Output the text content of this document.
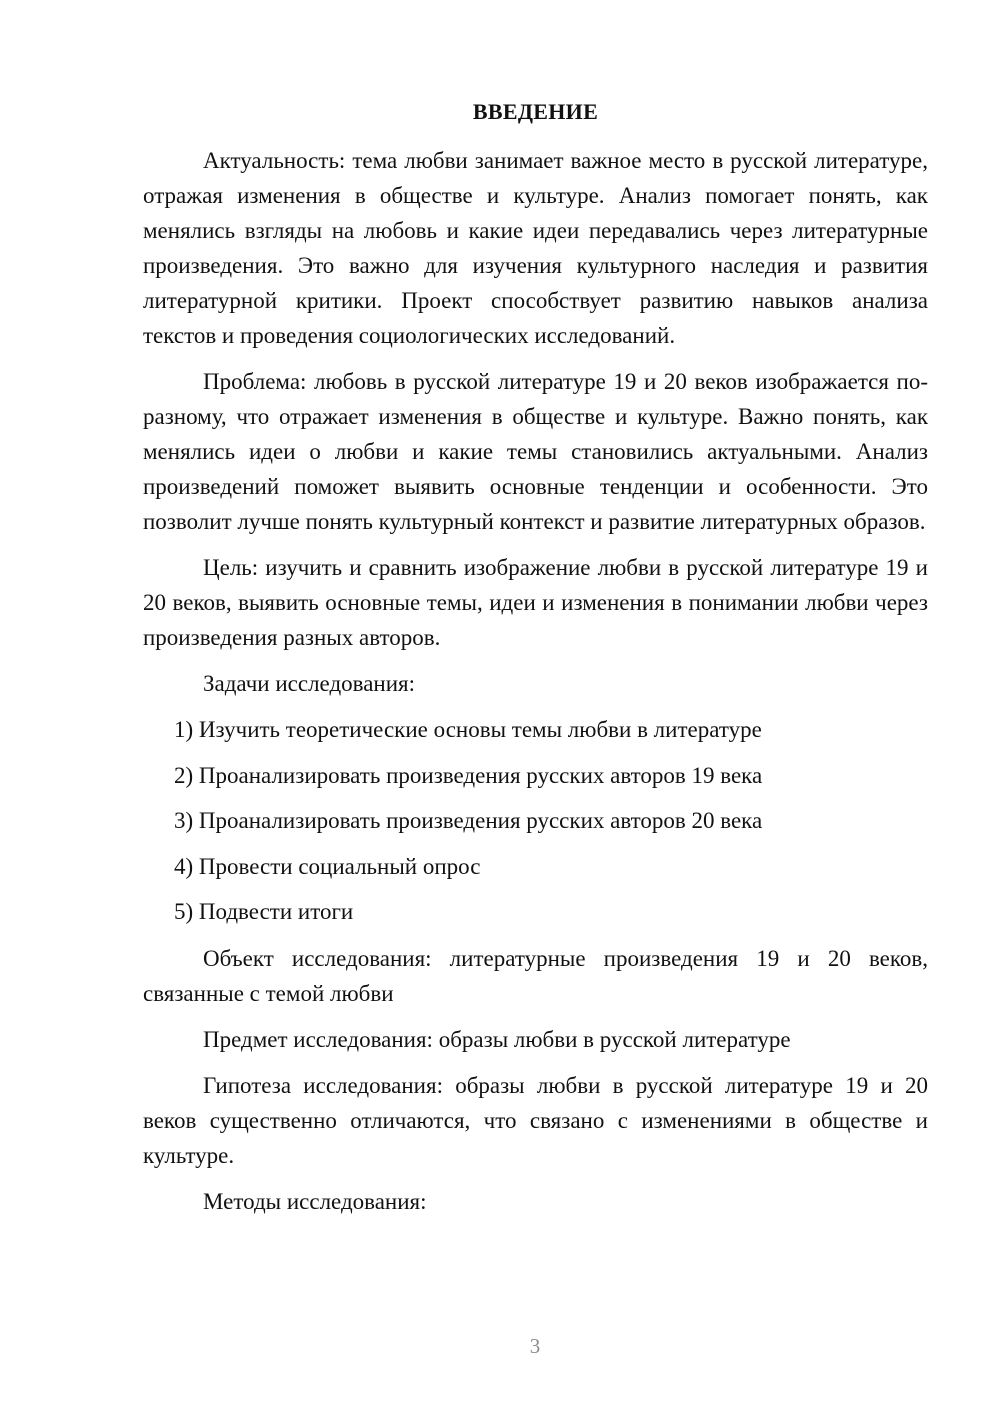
ВВЕДЕНИЕ

Актуальность: тема любви занимает важное место в русской литературе, отражая изменения в обществе и культуре. Анализ помогает понять, как менялись взгляды на любовь и какие идеи передавались через литературные произведения. Это важно для изучения культурного наследия и развития литературной критики. Проект способствует развитию навыков анализа текстов и проведения социологических исследований.

Проблема: любовь в русской литературе 19 и 20 веков изображается по-разному, что отражает изменения в обществе и культуре. Важно понять, как менялись идеи о любви и какие темы становились актуальными. Анализ произведений поможет выявить основные тенденции и особенности. Это позволит лучше понять культурный контекст и развитие литературных образов.

Цель: изучить и сравнить изображение любви в русской литературе 19 и 20 веков, выявить основные темы, идеи и изменения в понимании любви через произведения разных авторов.

Задачи исследования:

1) Изучить теоретические основы темы любви в литературе
2) Проанализировать произведения русских авторов 19 века
3) Проанализировать произведения русских авторов 20 века
4) Провести социальный опрос
5) Подвести итоги

Объект исследования: литературные произведения 19 и 20 веков, связанные с темой любви

Предмет исследования: образы любви в русской литературе

Гипотеза исследования: образы любви в русской литературе 19 и 20 веков существенно отличаются, что связано с изменениями в обществе и культуре.

Методы исследования:

3
